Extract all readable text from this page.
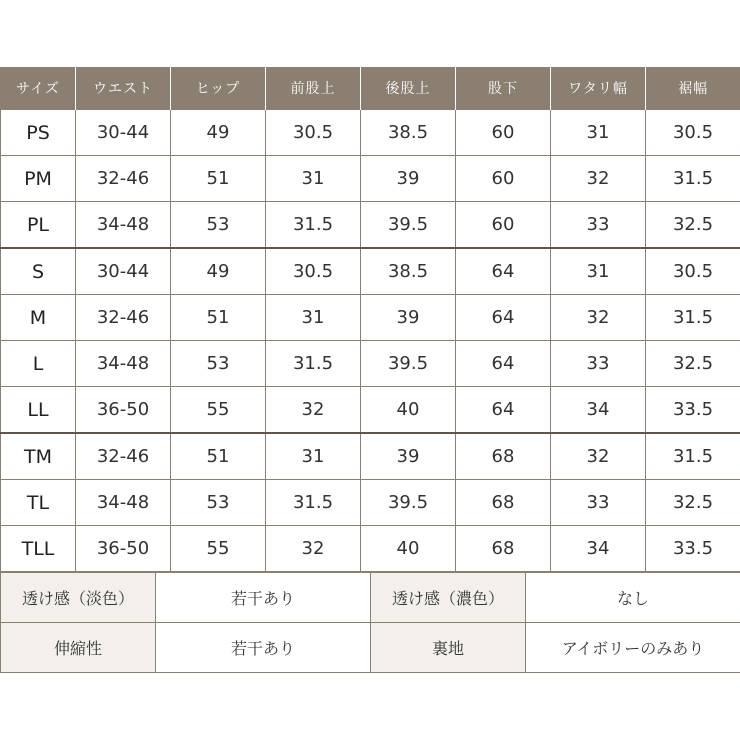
サイズ	ウエスト	ヒップ	前股上	後股上	股下	ワタリ幅	裾幅
PS	30-44	49	30.5	38.5	60	31	30.5
PM	32-46	51	31	39	60	32	31.5
PL	34-48	53	31.5	39.5	60	33	32.5
S	30-44	49	30.5	38.5	64	31	30.5
M	32-46	51	31	39	64	32	31.5
L	34-48	53	31.5	39.5	64	33	32.5
LL	36-50	55	32	40	64	34	33.5
TM	32-46	51	31	39	68	32	31.5
TL	34-48	53	31.5	39.5	68	33	32.5
TLL	36-50	55	32	40	68	34	33.5
透け感（淡色）	若干あり	透け感（濃色）	なし
伸縮性	若干あり	裏地	アイボリーのみあり
